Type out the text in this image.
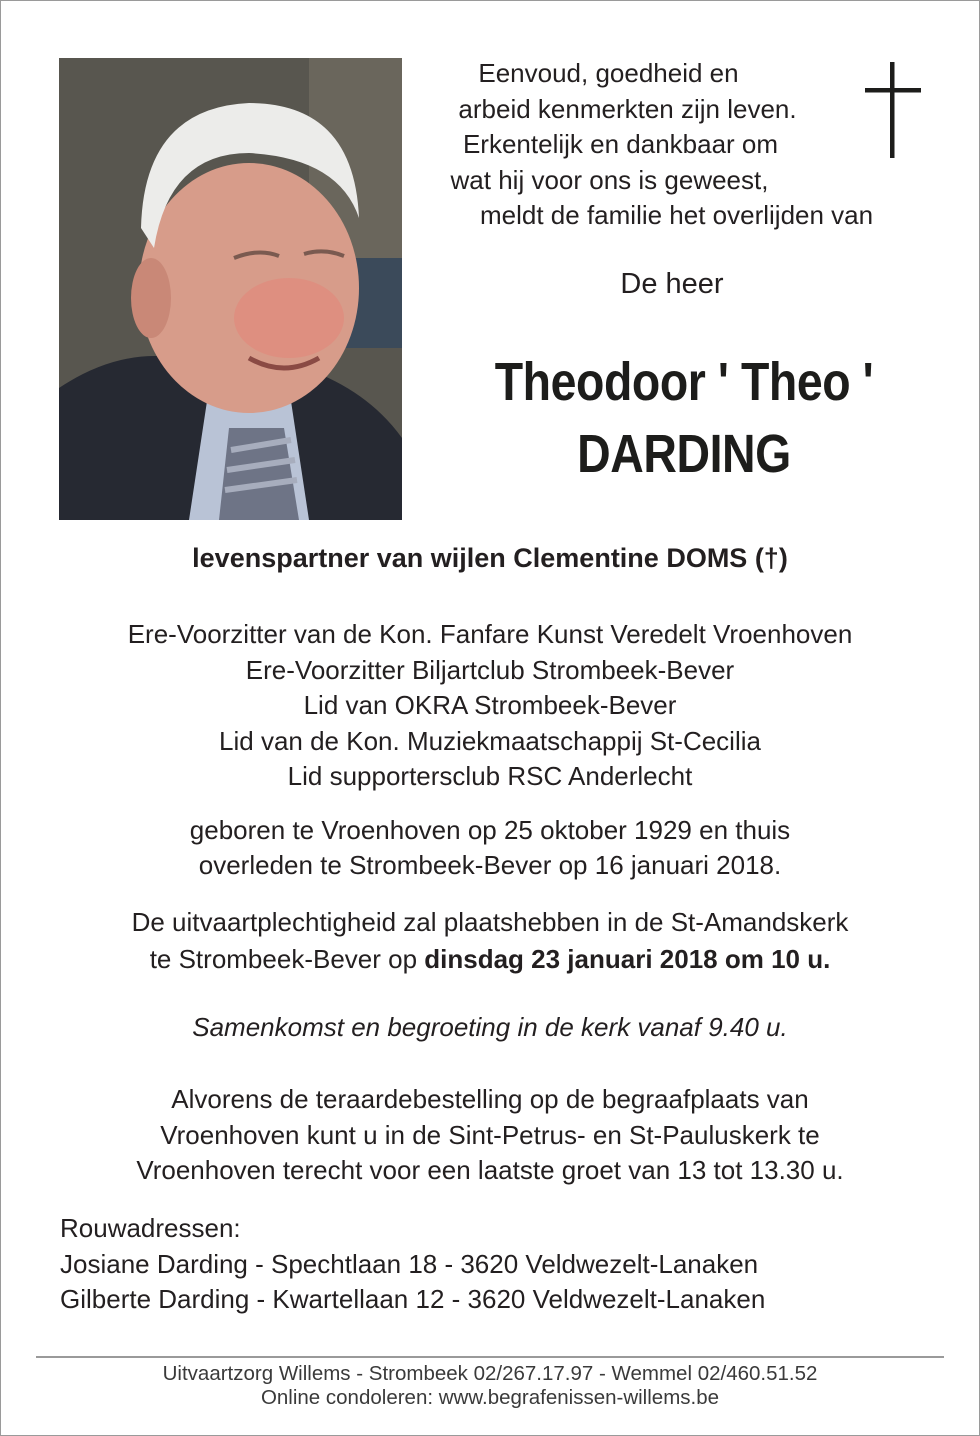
Eenvoud, goedheid en
arbeid kenmerkten zijn leven.
Erkentelijk en dankbaar om
wat hij voor ons is geweest,
meldt de familie het overlijden van
De heer
Theodoor ' Theo '
DARDING
levenspartner van wijlen Clementine DOMS (†)
Ere-Voorzitter van de Kon. Fanfare Kunst Veredelt Vroenhoven
Ere-Voorzitter Biljartclub Strombeek-Bever
Lid van OKRA Strombeek-Bever
Lid van de Kon. Muziekmaatschappij St-Cecilia
Lid supportersclub RSC Anderlecht
geboren te Vroenhoven op 25 oktober 1929 en thuis
overleden te Strombeek-Bever op 16 januari 2018.
De uitvaartplechtigheid zal plaatshebben in de St-Amandskerk
te Strombeek-Bever op dinsdag 23 januari 2018 om 10 u.
Samenkomst en begroeting in de kerk vanaf 9.40 u.
Alvorens de teraardebestelling op de begraafplaats van
Vroenhoven kunt u in de Sint-Petrus- en St-Pauluskerk te
Vroenhoven terecht voor een laatste groet van 13 tot 13.30 u.
Rouwadressen:
Josiane Darding - Spechtlaan 18 - 3620 Veldwezelt-Lanaken
Gilberte Darding - Kwartellaan 12 - 3620 Veldwezelt-Lanaken
Uitvaartzorg Willems - Strombeek 02/267.17.97 - Wemmel 02/460.51.52
Online condoleren: www.begrafenissen-willems.be
